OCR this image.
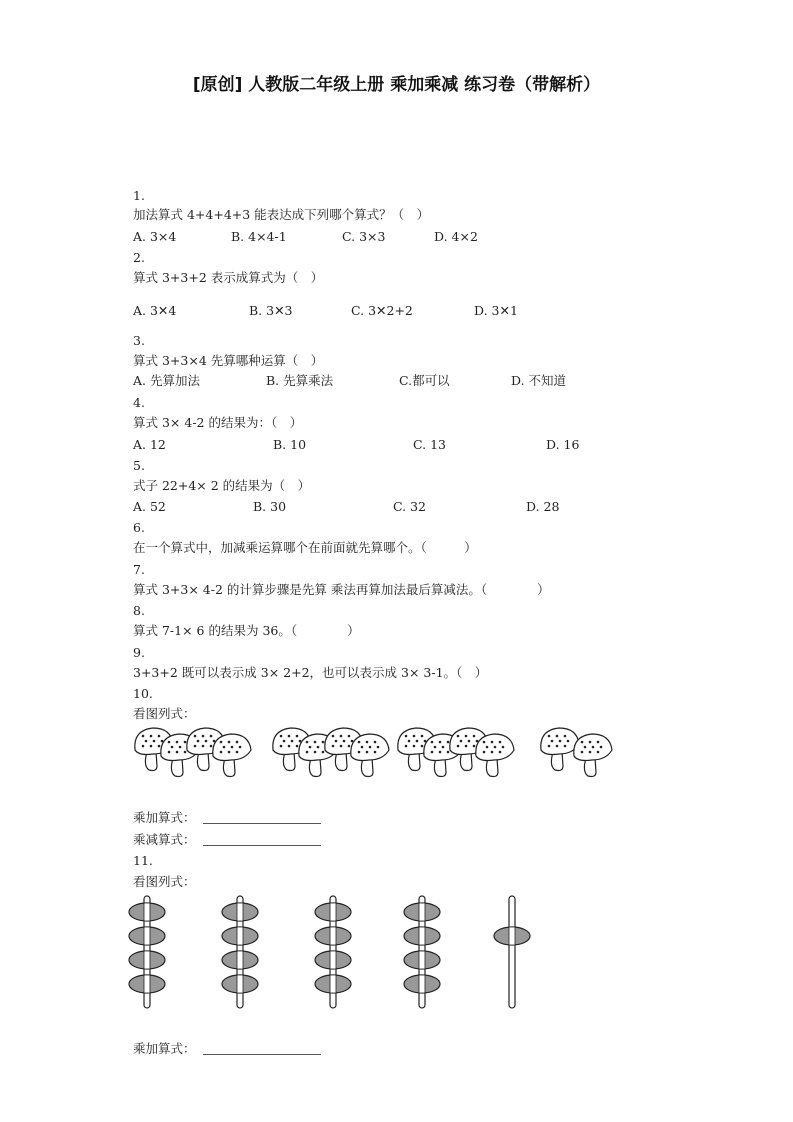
[原创] 人教版二年级上册 乘加乘减 练习卷（带解析）
1.
加法算式 4+4+4+3 能表达成下列哪个算式？（　）
A. 3×4	B. 4×4-1	C. 3×3	D. 4×2
2.
算式 3+3+2 表示成算式为（　）
A. 3✕4	B. 3✕3	C. 3✕2+2	D. 3✕1
3.
算式 3+3×4 先算哪种运算（　）
A. 先算加法	B. 先算乘法	C.都可以	D. 不知道
4.
算式 3× 4-2 的结果为：（　）
A. 12	B. 10	C. 13	D. 16
5.
式子 22+4× 2 的结果为（　）
A. 52	B. 30	C. 32	D. 28
6.
在一个算式中，加减乘运算哪个在前面就先算哪个。（　　　）
7.
算式 3+3× 4-2 的计算步骤是先算 乘法再算加法最后算减法。（　　　　）
8.
算式 7-1× 6 的结果为 36。（　　　　）
9.
3+3+2 既可以表示成 3× 2+2，也可以表示成 3× 3-1。（　）
10.
看图列式：
11.
看图列式：
乘加算式：
乘减算式：
乘加算式：
